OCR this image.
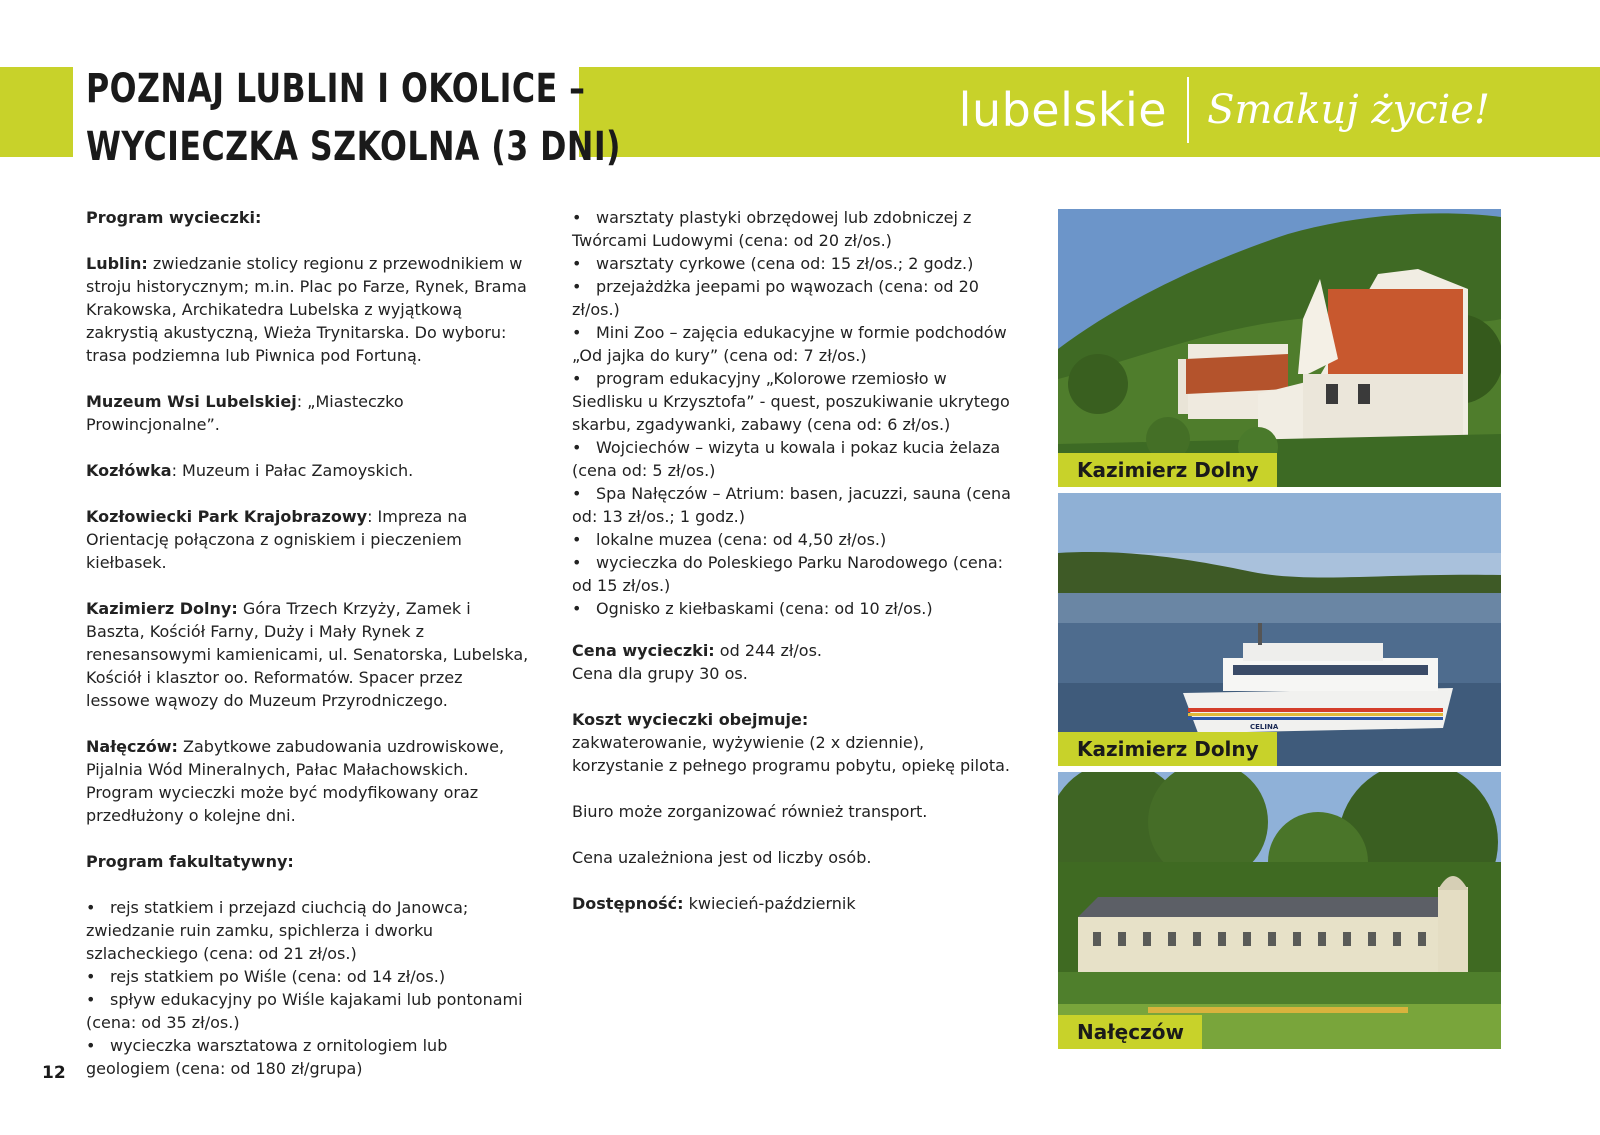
POZNAJ LUBLIN I OKOLICE –
WYCIECZKA SZKOLNA (3 DNI)
lubelskie Smakuj życie!

Program wycieczki:

Lublin: zwiedzanie stolicy regionu z przewodnikiem w stroju historycznym; m.in. Plac po Farze, Rynek, Brama Krakowska, Archikatedra Lubelska z wyjątkową zakrystią akustyczną, Wieża Trynitarska. Do wyboru: trasa podziemna lub Piwnica pod Fortuną.

Muzeum Wsi Lubelskiej: „Miasteczko Prowincjonalne”.

Kozłówka: Muzeum i Pałac Zamoyskich.

Kozłowiecki Park Krajobrazowy: Impreza na Orientację połączona z ogniskiem i pieczeniem kiełbasek.

Kazimierz Dolny: Góra Trzech Krzyży, Zamek i Baszta, Kościół Farny, Duży i Mały Rynek z renesansowymi kamienicami, ul. Senatorska, Lubelska, Kościół i klasztor oo. Reformatów. Spacer przez lessowe wąwozy do Muzeum Przyrodniczego.

Nałęczów: Zabytkowe zabudowania uzdrowiskowe, Pijalnia Wód Mineralnych, Pałac Małachowskich. Program wycieczki może być modyfikowany oraz przedłużony o kolejne dni.

Program fakultatywny:

• rejs statkiem i przejazd ciuchcią do Janowca; zwiedzanie ruin zamku, spichlerza i dworku szlacheckiego (cena: od 21 zł/os.)
• rejs statkiem po Wiśle (cena: od 14 zł/os.)
• spływ edukacyjny po Wiśle kajakami lub pontonami (cena: od 35 zł/os.)
• wycieczka warsztatowa z ornitologiem lub geologiem (cena: od 180 zł/grupa)
• warsztaty plastyki obrzędowej lub zdobniczej z Twórcami Ludowymi (cena: od 20 zł/os.)
• warsztaty cyrkowe (cena od: 15 zł/os.; 2 godz.)
• przejażdżka jeepami po wąwozach (cena: od 20 zł/os.)
• Mini Zoo – zajęcia edukacyjne w formie podchodów „Od jajka do kury” (cena od: 7 zł/os.)
• program edukacyjny „Kolorowe rzemiosło w Siedlisku u Krzysztofa” - quest, poszukiwanie ukrytego skarbu, zgadywanki, zabawy (cena od: 6 zł/os.)
• Wojciechów – wizyta u kowala i pokaz kucia żelaza (cena od: 5 zł/os.)
• Spa Nałęczów – Atrium: basen, jacuzzi, sauna (cena od: 13 zł/os.; 1 godz.)
• lokalne muzea (cena: od 4,50 zł/os.)
• wycieczka do Poleskiego Parku Narodowego (cena: od 15 zł/os.)
• Ognisko z kiełbaskami (cena: od 10 zł/os.)

Cena wycieczki: od 244 zł/os.
Cena dla grupy 30 os.

Koszt wycieczki obejmuje:
zakwaterowanie, wyżywienie (2 x dziennie), korzystanie z pełnego programu pobytu, opiekę pilota.

Biuro może zorganizować również transport.

Cena uzależniona jest od liczby osób.

Dostępność: kwiecień-październik

Kazimierz Dolny
CELINA
Kazimierz Dolny
Nałęczów
12
